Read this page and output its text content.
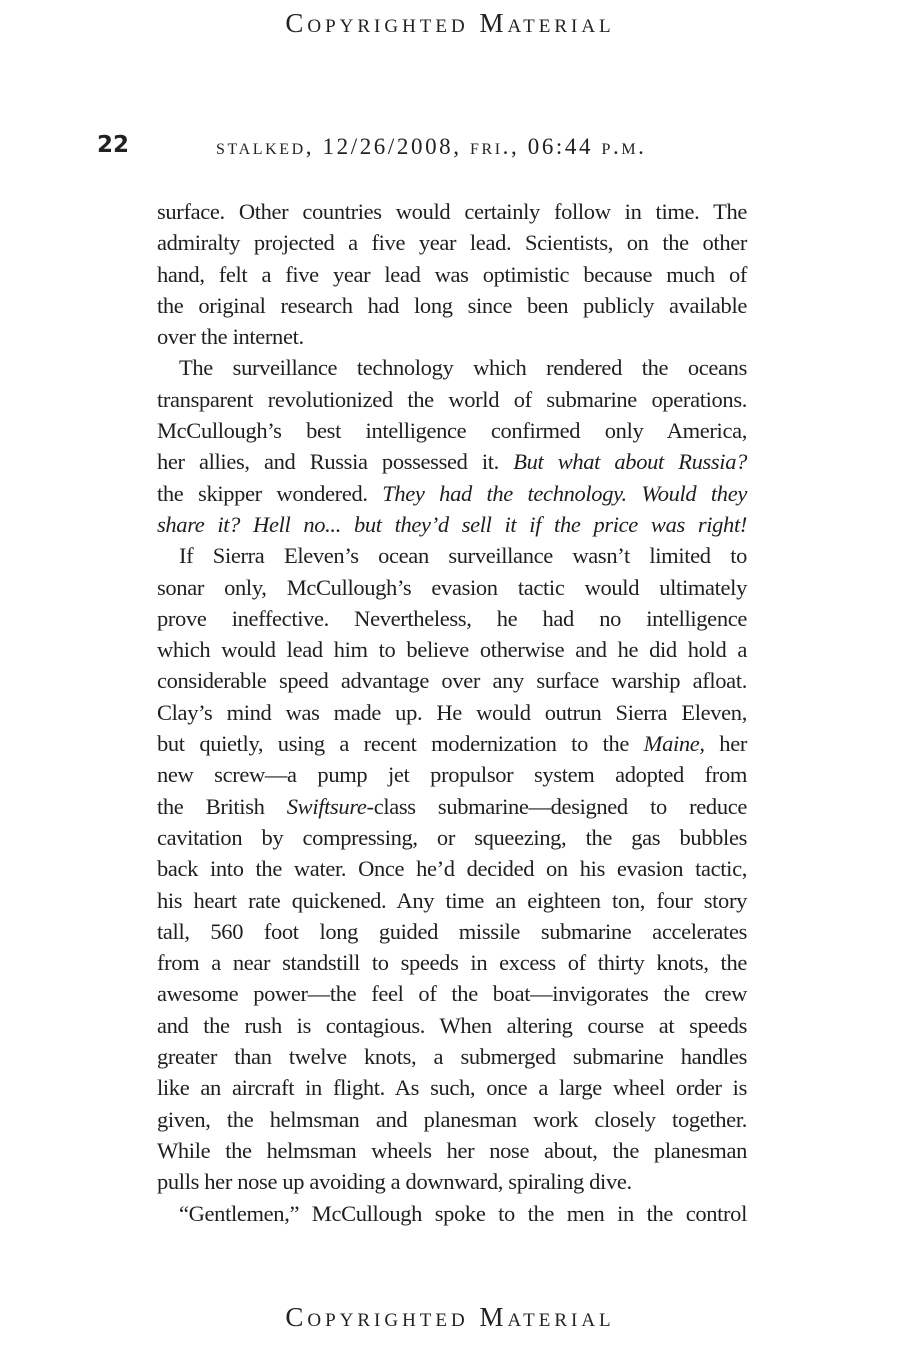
Copyrighted Material
22	stalked, 12/26/2008, fri., 06:44 p.m.
surface. Other countries would certainly follow in time. The
admiralty projected a five year lead. Scientists, on the other
hand, felt a five year lead was optimistic because much of
the original research had long since been publicly available
over the internet.
The surveillance technology which rendered the oceans
transparent revolutionized the world of submarine operations.
McCullough’s best intelligence confirmed only America,
her allies, and Russia possessed it. But what about Russia?
the skipper wondered. They had the technology. Would they
share it? Hell no... but they’d sell it if the price was right!
If Sierra Eleven’s ocean surveillance wasn’t limited to
sonar only, McCullough’s evasion tactic would ultimately
prove ineffective. Nevertheless, he had no intelligence
which would lead him to believe otherwise and he did hold a
considerable speed advantage over any surface warship afloat.
Clay’s mind was made up. He would outrun Sierra Eleven,
but quietly, using a recent modernization to the Maine, her
new screw—a pump jet propulsor system adopted from
the British Swiftsure-class submarine—designed to reduce
cavitation by compressing, or squeezing, the gas bubbles
back into the water. Once he’d decided on his evasion tactic,
his heart rate quickened. Any time an eighteen ton, four story
tall, 560 foot long guided missile submarine accelerates
from a near standstill to speeds in excess of thirty knots, the
awesome power—the feel of the boat—invigorates the crew
and the rush is contagious. When altering course at speeds
greater than twelve knots, a submerged submarine handles
like an aircraft in flight. As such, once a large wheel order is
given, the helmsman and planesman work closely together.
While the helmsman wheels her nose about, the planesman
pulls her nose up avoiding a downward, spiraling dive.
“Gentlemen,” McCullough spoke to the men in the control
Copyrighted Material
